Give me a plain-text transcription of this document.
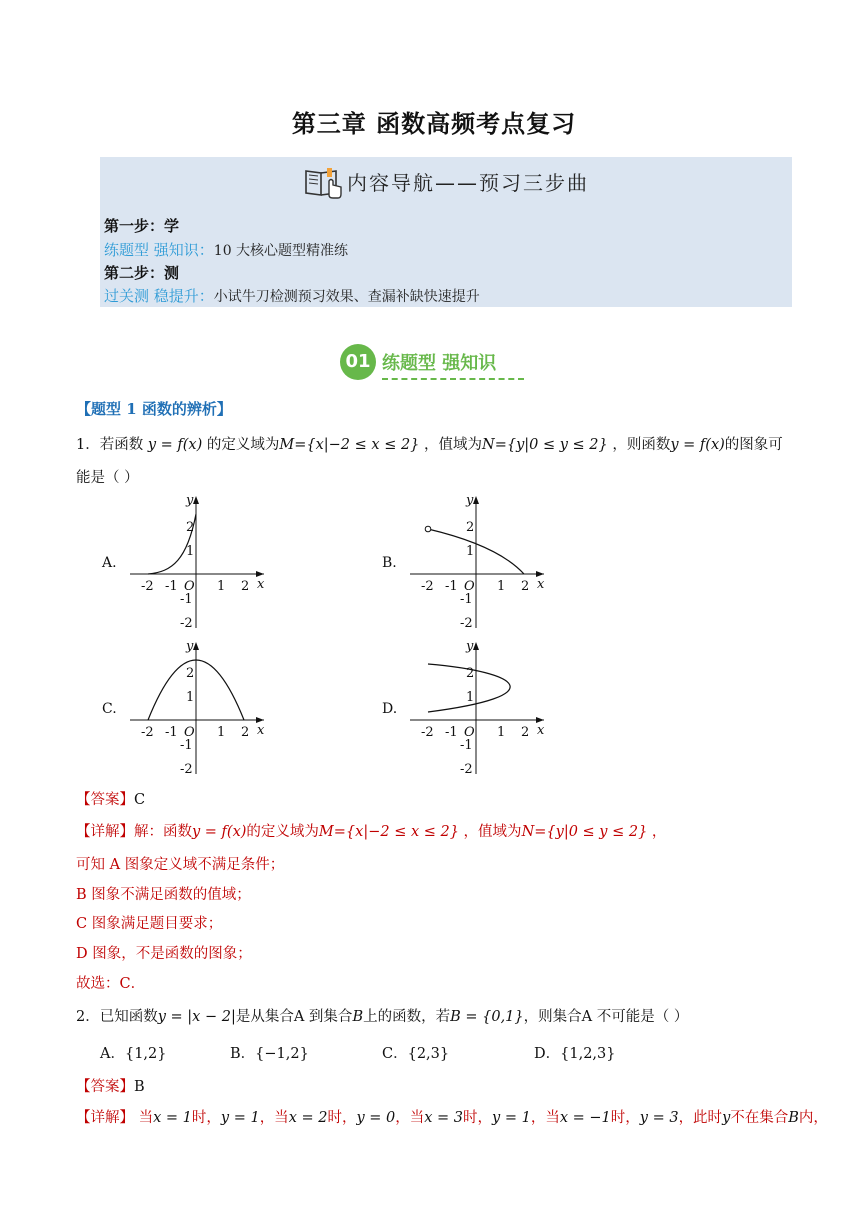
第三章 函数高频考点复习
内容导航——预习三步曲
第一步：学
练题型 强知识：10 大核心题型精准练
第二步：测
过关测 稳提升：小试牛刀检测预习效果、查漏补缺快速提升
01 练题型 强知识
【题型 1 函数的辨析】
1．若函数 y = f(x) 的定义域为M={x|−2 ≤ x ≤ 2} ，值域为N={y|0 ≤ y ≤ 2} ，则函数y = f(x)的图象可
能是（ ）
A.	B.
C.	D.
x
y
O
-2 -1	1 2
2
1
-1
-2
x
y
O
-2 -1	1 2
2
1
-1
-2
x
y
O
-2 -1	1 2
2
1
-1
-2
x
y
O
-2 -1	1 2
2
1
-1
-2
【答案】C
【详解】解：函数y = f(x)的定义域为M={x|−2 ≤ x ≤ 2} ，值域为N={y|0 ≤ y ≤ 2} ，
可知 A 图象定义域不满足条件；
B 图象不满足函数的值域；
C 图象满足题目要求；
D 图象，不是函数的图象；
故选：C．
2．已知函数y = |x − 2|是从集合A 到集合B上的函数，若B = {0,1}，则集合A 不可能是（ ）
A．{1,2}	B．{−1,2}	C．{2,3}	D．{1,2,3}
【答案】B
【详解】 当x = 1时，y = 1，当x = 2时，y = 0，当x = 3时，y = 1，当x = −1时，y = 3，此时y不在集合B内，
